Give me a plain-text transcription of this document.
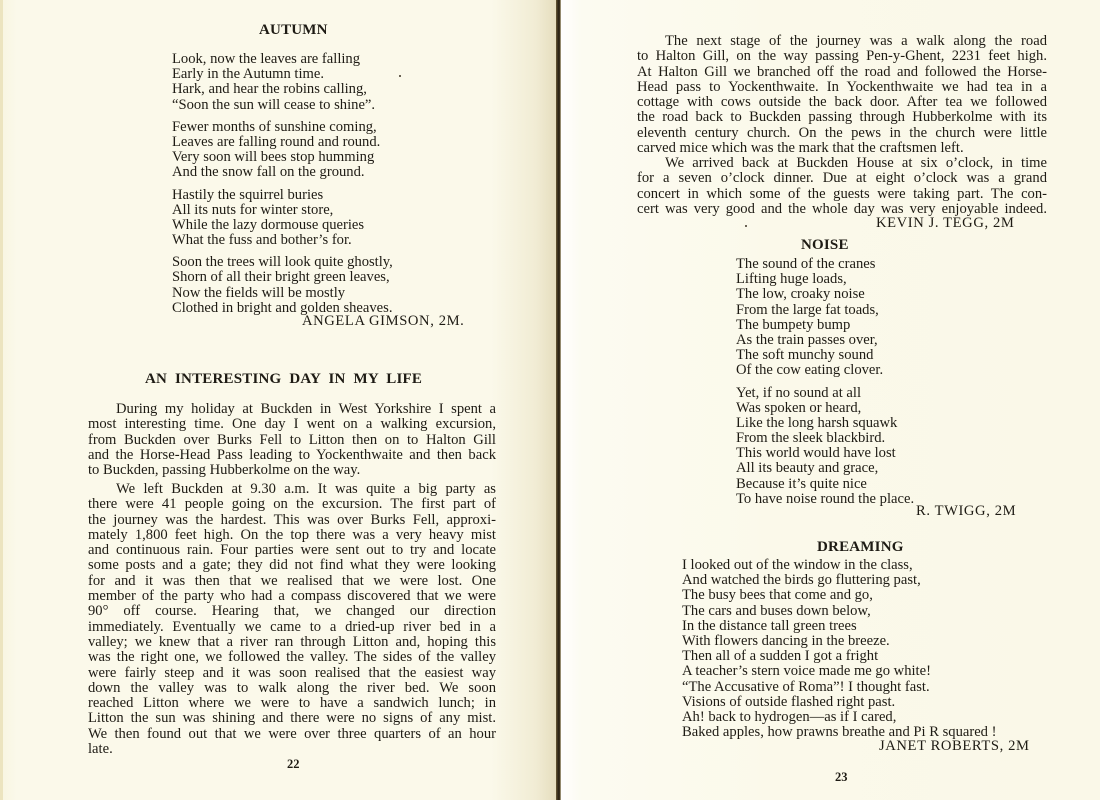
AUTUMN
Look, now the leaves are falling
Early in the Autumn time.
Hark, and hear the robins calling,
“Soon the sun will cease to shine”.
Fewer months of sunshine coming,
Leaves are falling round and round.
Very soon will bees stop humming
And the snow fall on the ground.
Hastily the squirrel buries
All its nuts for winter store,
While the lazy dormouse queries
What the fuss and bother’s for.
Soon the trees will look quite ghostly,
Shorn of all their bright green leaves,
Now the fields will be mostly
Clothed in bright and golden sheaves.
ANGELA GIMSON, 2M.
AN INTERESTING DAY IN MY LIFE
During my holiday at Buckden in West Yorkshire I spent a
most interesting time. One day I went on a walking excursion,
from Buckden over Burks Fell to Litton then on to Halton Gill
and the Horse-Head Pass leading to Yockenthwaite and then back
to Buckden, passing Hubberkolme on the way.
We left Buckden at 9.30 a.m. It was quite a big party as
there were 41 people going on the excursion. The first part of
the journey was the hardest. This was over Burks Fell, approxi-
mately 1,800 feet high. On the top there was a very heavy mist
and continuous rain. Four parties were sent out to try and locate
some posts and a gate; they did not find what they were looking
for and it was then that we realised that we were lost. One
member of the party who had a compass discovered that we were
90° off course. Hearing that, we changed our direction
immediately. Eventually we came to a dried-up river bed in a
valley; we knew that a river ran through Litton and, hoping this
was the right one, we followed the valley. The sides of the valley
were fairly steep and it was soon realised that the easiest way
down the valley was to walk along the river bed. We soon
reached Litton where we were to have a sandwich lunch; in
Litton the sun was shining and there were no signs of any mist.
We then found out that we were over three quarters of an hour
late.
22
The next stage of the journey was a walk along the road
to Halton Gill, on the way passing Pen-y-Ghent, 2231 feet high.
At Halton Gill we branched off the road and followed the Horse-
Head pass to Yockenthwaite. In Yockenthwaite we had tea in a
cottage with cows outside the back door. After tea we followed
the road back to Buckden passing through Hubberkolme with its
eleventh century church. On the pews in the church were little
carved mice which was the mark that the craftsmen left.
We arrived back at Buckden House at six o’clock, in time
for a seven o’clock dinner. Due at eight o’clock was a grand
concert in which some of the guests were taking part. The con-
cert was very good and the whole day was very enjoyable indeed.
KEVIN J. TEGG, 2M
NOISE
The sound of the cranes
Lifting huge loads,
The low, croaky noise
From the large fat toads,
The bumpety bump
As the train passes over,
The soft munchy sound
Of the cow eating clover.
Yet, if no sound at all
Was spoken or heard,
Like the long harsh squawk
From the sleek blackbird.
This world would have lost
All its beauty and grace,
Because it’s quite nice
To have noise round the place.
R. TWIGG, 2M
DREAMING
I looked out of the window in the class,
And watched the birds go fluttering past,
The busy bees that come and go,
The cars and buses down below,
In the distance tall green trees
With flowers dancing in the breeze.
Then all of a sudden I got a fright
A teacher’s stern voice made me go white!
“The Accusative of Roma”! I thought fast.
Visions of outside flashed right past.
Ah! back to hydrogen—as if I cared,
Baked apples, how prawns breathe and Pi R squared !
JANET ROBERTS, 2M
23
